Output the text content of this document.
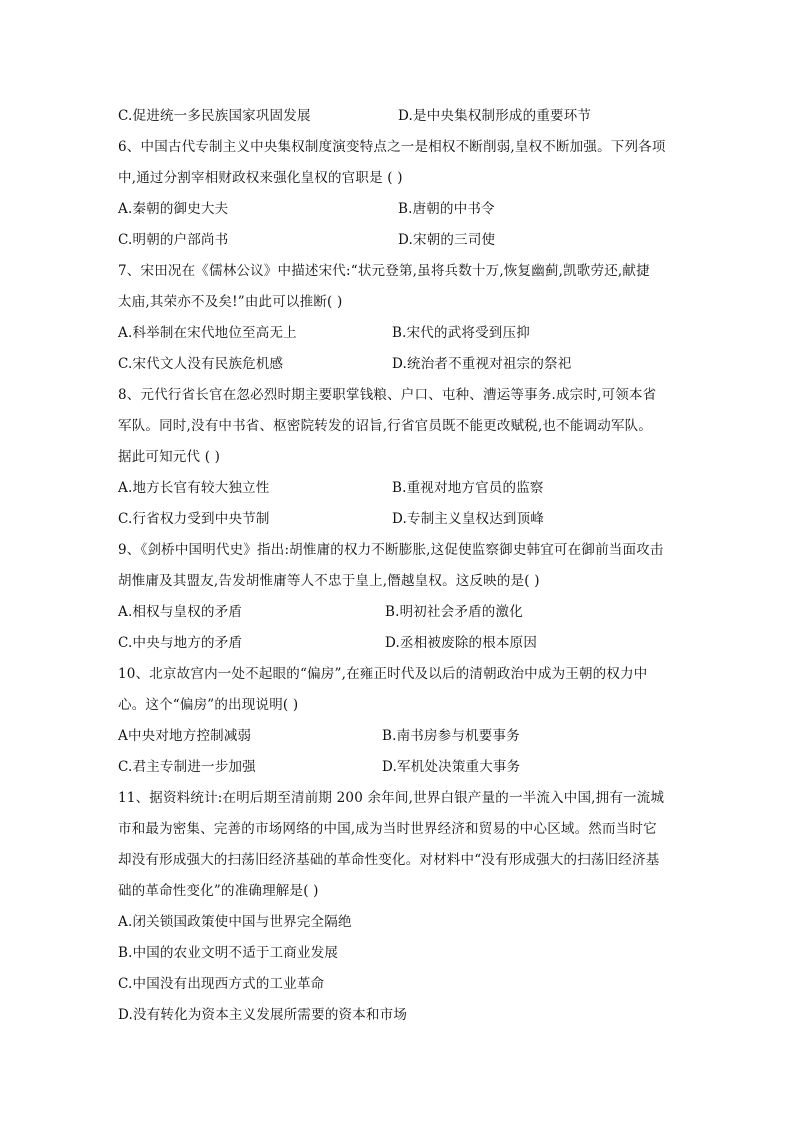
C.促进统一多民族国家巩固发展	D.是中央集权制形成的重要环节
6、中国古代专制主义中央集权制度演变特点之一是相权不断削弱,皇权不断加强。下列各项
中,通过分割宰相财政权来强化皇权的官职是 ( )
A.秦朝的御史大夫	B.唐朝的中书令
C.明朝的户部尚书	D.宋朝的三司使
7、宋田况在《儒林公议》中描述宋代:“状元登第,虽将兵数十万,恢复幽蓟,凯歌劳还,献捷
太庙,其荣亦不及矣!”由此可以推断( )
A.科举制在宋代地位至高无上	B.宋代的武将受到压抑
C.宋代文人没有民族危机感	D.统治者不重视对祖宗的祭祀
8、元代行省长官在忽必烈时期主要职掌钱粮、户口、屯种、漕运等事务.成宗时,可领本省
军队。同时,没有中书省、枢密院转发的诏旨,行省官员既不能更改赋税,也不能调动军队。
据此可知元代 ( )
A.地方长官有较大独立性	B.重视对地方官员的监察
C.行省权力受到中央节制	D.专制主义皇权达到顶峰
9、《剑桥中国明代史》指出:胡惟庸的权力不断膨胀,这促使监察御史韩宜可在御前当面攻击
胡惟庸及其盟友,告发胡惟庸等人不忠于皇上,僭越皇权。这反映的是( )
A.相权与皇权的矛盾	B.明初社会矛盾的激化
C.中央与地方的矛盾	D.丞相被废除的根本原因
10、北京故宫内一处不起眼的“偏房”,在雍正时代及以后的清朝政治中成为王朝的权力中
心。这个“偏房”的出现说明( )
A中央对地方控制减弱	B.南书房参与机要事务
C.君主专制进一步加强	D.军机处决策重大事务
11、据资料统计:在明后期至清前期 200 余年间,世界白银产量的一半流入中国,拥有一流城
市和最为密集、完善的市场网络的中国,成为当时世界经济和贸易的中心区域。然而当时它
却没有形成强大的扫荡旧经济基础的革命性变化。对材料中“没有形成强大的扫荡旧经济基
础的革命性变化”的准确理解是( )
A.闭关锁国政策使中国与世界完全隔绝
B.中国的农业文明不适于工商业发展
C.中国没有出现西方式的工业革命
D.没有转化为资本主义发展所需要的资本和市场
